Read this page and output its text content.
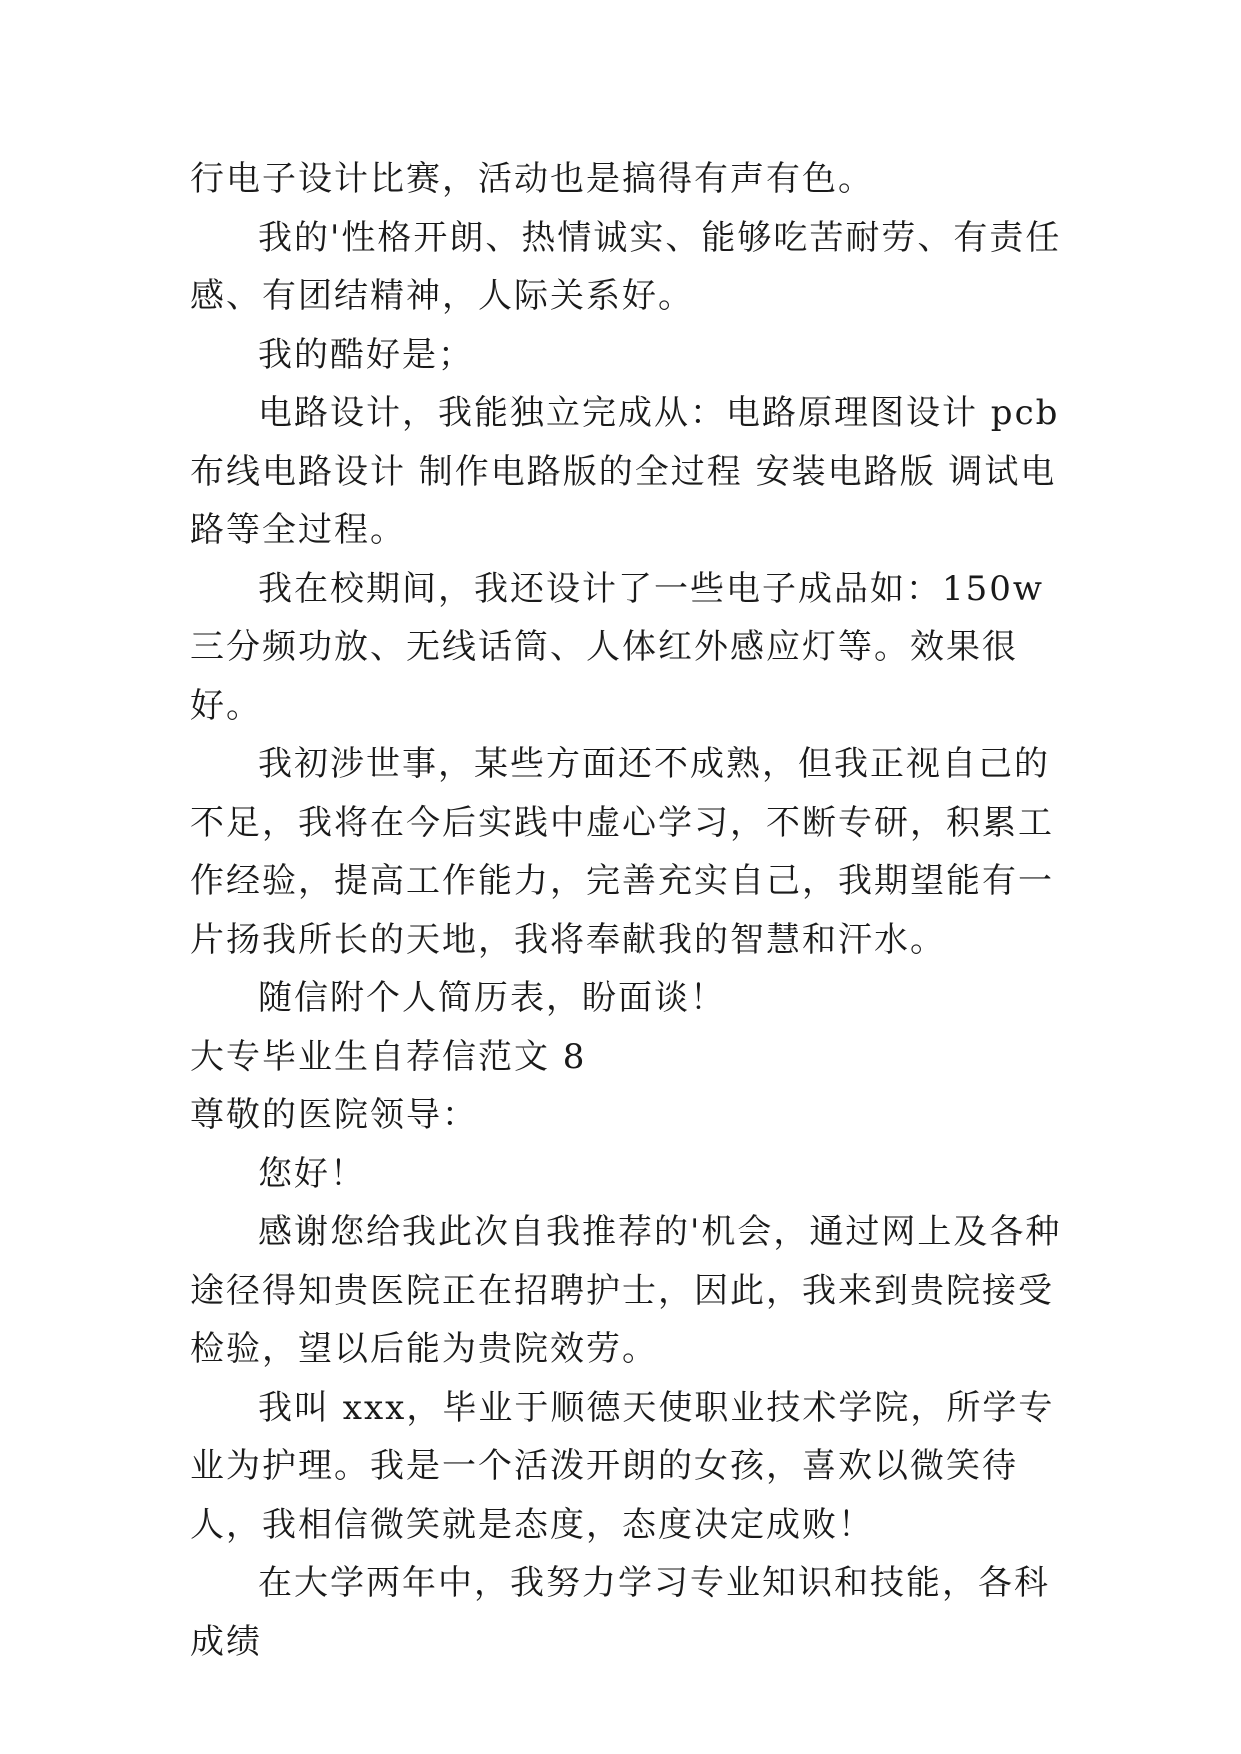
行电子设计比赛，活动也是搞得有声有色。

我的'性格开朗、热情诚实、能够吃苦耐劳、有责任感、有团结精神，人际关系好。

我的酷好是；

电路设计，我能独立完成从：电路原理图设计 pcb 布线电路设计 制作电路版的全过程 安装电路版 调试电路等全过程。

我在校期间，我还设计了一些电子成品如：150w 三分频功放、无线话筒、人体红外感应灯等。效果很好。

我初涉世事，某些方面还不成熟，但我正视自己的不足，我将在今后实践中虚心学习，不断专研，积累工作经验，提高工作能力，完善充实自己，我期望能有一片扬我所长的天地，我将奉献我的智慧和汗水。

随信附个人简历表，盼面谈！

大专毕业生自荐信范文 8

尊敬的医院领导：

您好！

感谢您给我此次自我推荐的'机会，通过网上及各种途径得知贵医院正在招聘护士，因此，我来到贵院接受检验，望以后能为贵院效劳。

我叫 xxx，毕业于顺德天使职业技术学院，所学专业为护理。我是一个活泼开朗的女孩，喜欢以微笑待人，我相信微笑就是态度，态度决定成败！

在大学两年中，我努力学习专业知识和技能，各科成绩
